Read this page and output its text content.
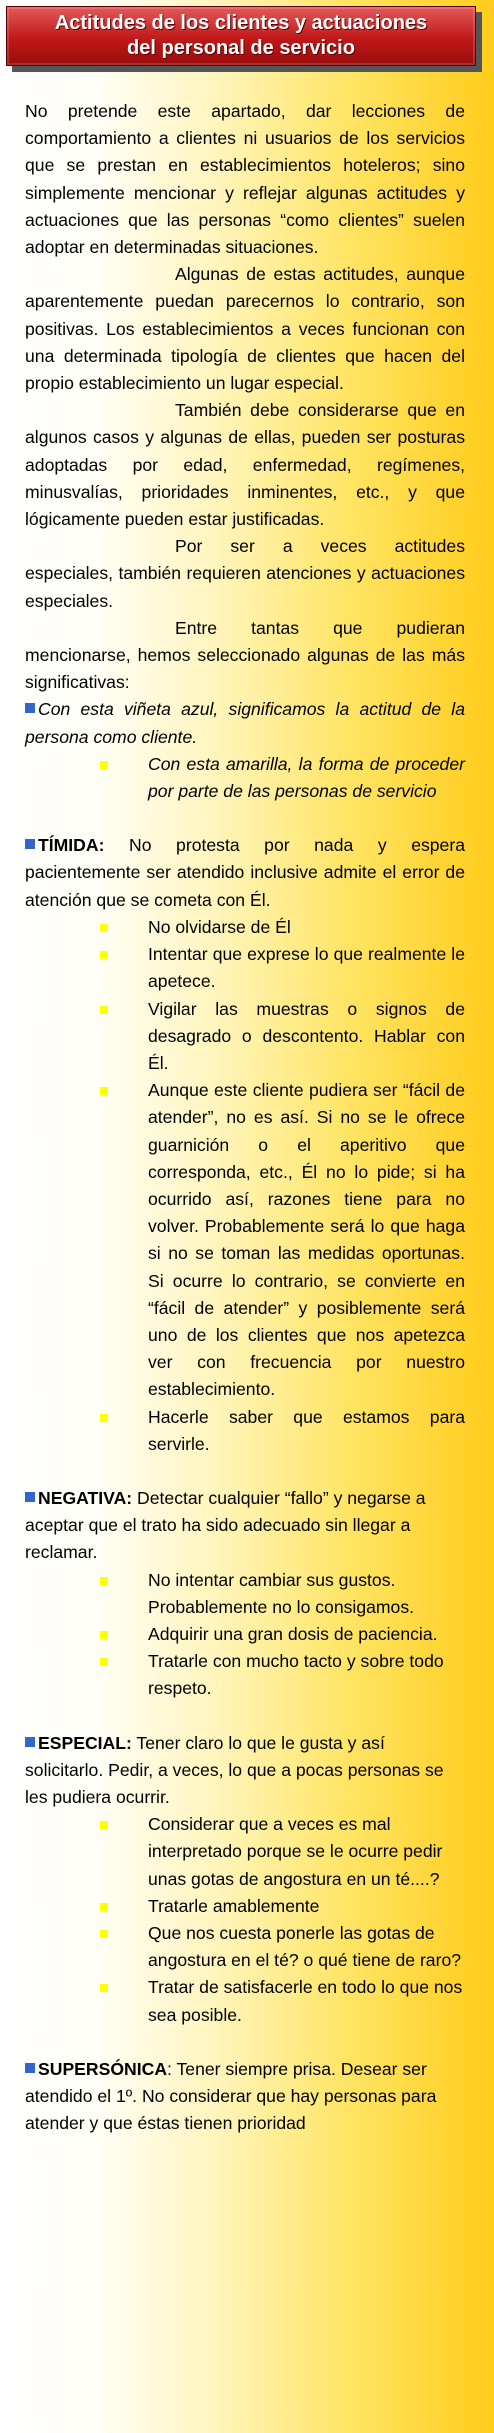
Actitudes de los clientes y actuaciones
del personal de servicio

No pretende este apartado, dar lecciones de comportamiento a clientes ni usuarios de los servicios que se prestan en establecimientos hoteleros; sino simplemente mencionar y reflejar algunas actitudes y actuaciones que las personas “como clientes” suelen adoptar en determinadas situaciones.

Algunas de estas actitudes, aunque aparentemente puedan parecernos lo contrario, son positivas. Los establecimientos a veces funcionan con una determinada tipología de clientes que hacen del propio establecimiento un lugar especial.

También debe considerarse que en algunos casos y algunas de ellas, pueden ser posturas adoptadas por edad, enfermedad, regímenes, minusvalías, prioridades inminentes, etc., y que lógicamente pueden estar justificadas.

Por ser a veces actitudes especiales, también requieren atenciones y actuaciones especiales.

Entre tantas que pudieran mencionarse, hemos seleccionado algunas de las más significativas:

Con esta viñeta azul, significamos la actitud de la persona como cliente.

Con esta amarilla, la forma de proceder por parte de las personas de servicio

TÍMIDA: No protesta por nada y espera pacientemente ser atendido inclusive admite el error de atención que se cometa con Él.

No olvidarse de Él
Intentar que exprese lo que realmente le apetece.
Vigilar las muestras o signos de desagrado o descontento. Hablar con Él.
Aunque este cliente pudiera ser “fácil de atender”, no es así. Si no se le ofrece guarnición o el aperitivo que corresponda, etc., Él no lo pide; si ha ocurrido así, razones tiene para no volver. Probablemente será lo que haga si no se toman las medidas oportunas. Si ocurre lo contrario, se convierte en “fácil de atender” y posiblemente será uno de los clientes que nos apetezca ver con frecuencia por nuestro establecimiento.
Hacerle saber que estamos para servirle.

NEGATIVA: Detectar cualquier “fallo” y negarse a aceptar que el trato ha sido adecuado sin llegar a reclamar.

No intentar cambiar sus gustos. Probablemente no lo consigamos.
Adquirir una gran dosis de paciencia.
Tratarle con mucho tacto y sobre todo respeto.

ESPECIAL: Tener claro lo que le gusta y así solicitarlo. Pedir, a veces, lo que a pocas personas se les pudiera ocurrir.

Considerar que a veces es mal interpretado porque se le ocurre pedir unas gotas de angostura en un té....?
Tratarle amablemente
Que nos cuesta ponerle las gotas de angostura en el té? o qué tiene de raro?
Tratar de satisfacerle en todo lo que nos sea posible.

SUPERSÓNICA: Tener siempre prisa. Desear ser atendido el 1º. No considerar que hay personas para atender y que éstas tienen prioridad
